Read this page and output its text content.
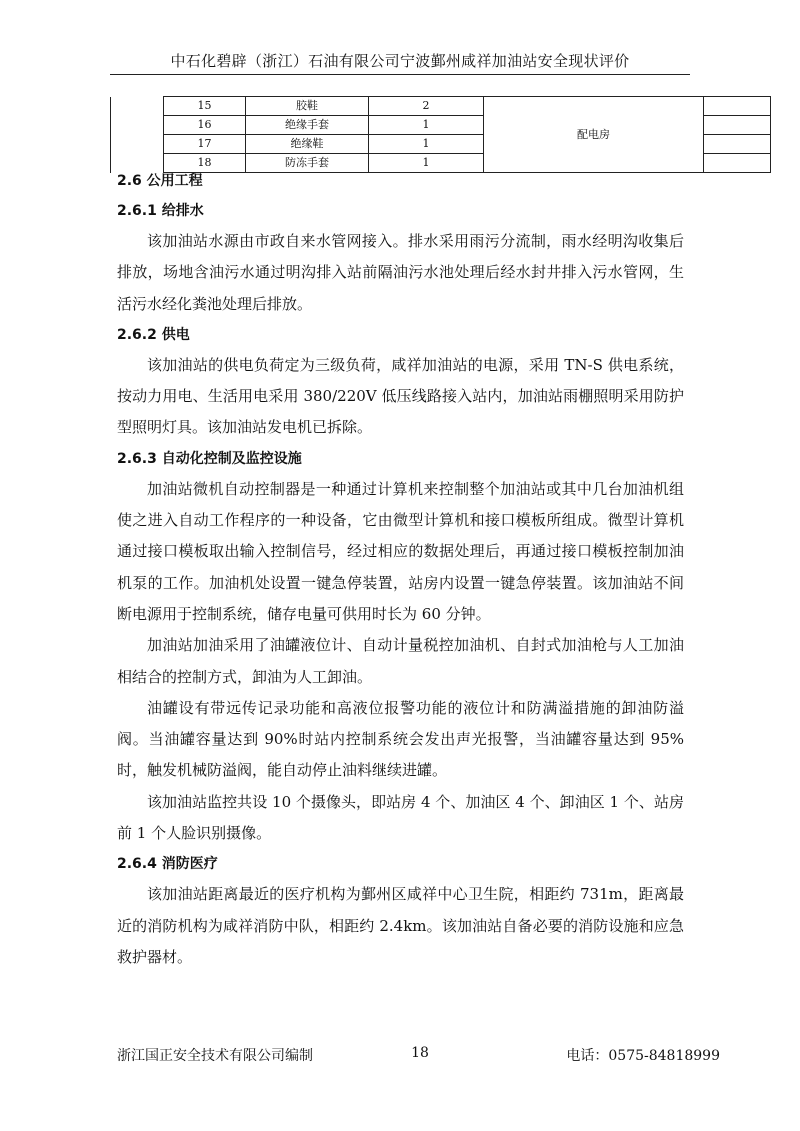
中石化碧辟（浙江）石油有限公司宁波鄞州咸祥加油站安全现状评价
	15	胶鞋	2	配电房	
	16	绝缘手套	1		
	17	绝缘鞋	1		
	18	防冻手套	1		
2.6 公用工程
2.6.1 给排水

该加油站水源由市政自来水管网接入。排水采用雨污分流制，雨水经明沟收集后排放，场地含油污水通过明沟排入站前隔油污水池处理后经水封井排入污水管网，生活污水经化粪池处理后排放。

2.6.2 供电

该加油站的供电负荷定为三级负荷，咸祥加油站的电源，采用 TN-S 供电系统，按动力用电、生活用电采用 380/220V 低压线路接入站内，加油站雨棚照明采用防护型照明灯具。该加油站发电机已拆除。

2.6.3 自动化控制及监控设施

加油站微机自动控制器是一种通过计算机来控制整个加油站或其中几台加油机组使之进入自动工作程序的一种设备，它由微型计算机和接口模板所组成。微型计算机通过接口模板取出输入控制信号，经过相应的数据处理后，再通过接口模板控制加油机泵的工作。加油机处设置一键急停装置，站房内设置一键急停装置。该加油站不间断电源用于控制系统，储存电量可供用时长为 60 分钟。

加油站加油采用了油罐液位计、自动计量税控加油机、自封式加油枪与人工加油相结合的控制方式，卸油为人工卸油。

油罐设有带远传记录功能和高液位报警功能的液位计和防满溢措施的卸油防溢阀。当油罐容量达到 90%时站内控制系统会发出声光报警，当油罐容量达到 95%时，触发机械防溢阀，能自动停止油料继续进罐。

该加油站监控共设 10 个摄像头，即站房 4 个、加油区 4 个、卸油区 1 个、站房前 1 个人脸识别摄像。

2.6.4 消防医疗

该加油站距离最近的医疗机构为鄞州区咸祥中心卫生院，相距约 731m，距离最近的消防机构为咸祥消防中队，相距约 2.4km。该加油站自备必要的消防设施和应急救护器材。

浙江国正安全技术有限公司编制	18	电话：0575-84818999
